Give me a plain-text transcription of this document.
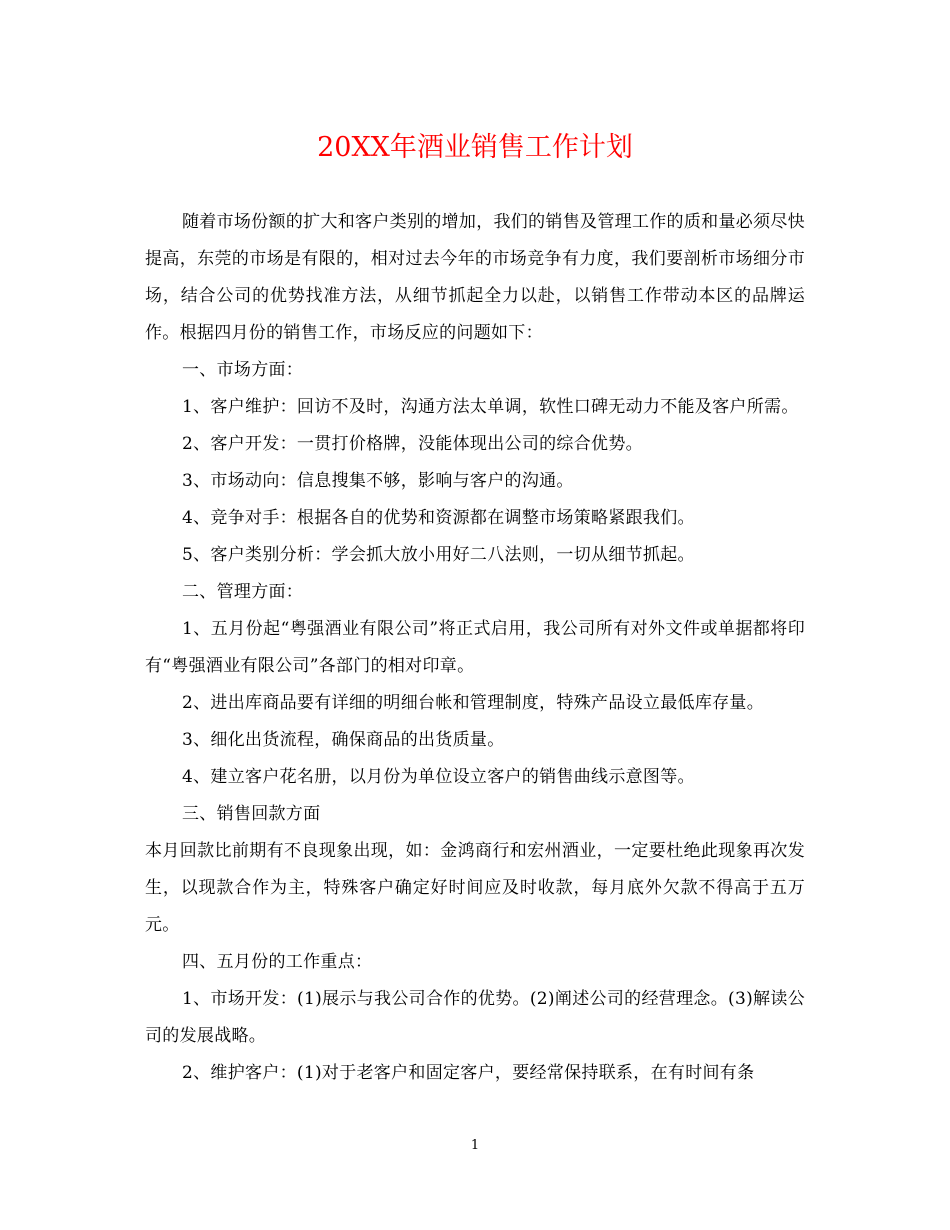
20XX年酒业销售工作计划

随着市场份额的扩大和客户类别的增加，我们的销售及管理工作的质和量必须尽快提高，东莞的市场是有限的，相对过去今年的市场竞争有力度，我们要剖析市场细分市场，结合公司的优势找准方法，从细节抓起全力以赴，以销售工作带动本区的品牌运作。根据四月份的销售工作，市场反应的问题如下：

一、市场方面：

1、客户维护：回访不及时，沟通方法太单调，软性口碑无动力不能及客户所需。

2、客户开发：一贯打价格牌，没能体现出公司的综合优势。

3、市场动向：信息搜集不够，影响与客户的沟通。

4、竞争对手：根据各自的优势和资源都在调整市场策略紧跟我们。

5、客户类别分析：学会抓大放小用好二八法则，一切从细节抓起。

二、管理方面：

1、五月份起“粤强酒业有限公司”将正式启用，我公司所有对外文件或单据都将印有“粤强酒业有限公司”各部门的相对印章。

2、进出库商品要有详细的明细台帐和管理制度，特殊产品设立最低库存量。

3、细化出货流程，确保商品的出货质量。

4、建立客户花名册，以月份为单位设立客户的销售曲线示意图等。

三、销售回款方面

本月回款比前期有不良现象出现，如：金鸿商行和宏州酒业，一定要杜绝此现象再次发生，以现款合作为主，特殊客户确定好时间应及时收款，每月底外欠款不得高于五万元。

四、五月份的工作重点：

1、市场开发：(1)展示与我公司合作的优势。(2)阐述公司的经营理念。(3)解读公司的发展战略。

2、维护客户：(1)对于老客户和固定客户，要经常保持联系，在有时间有条

1
